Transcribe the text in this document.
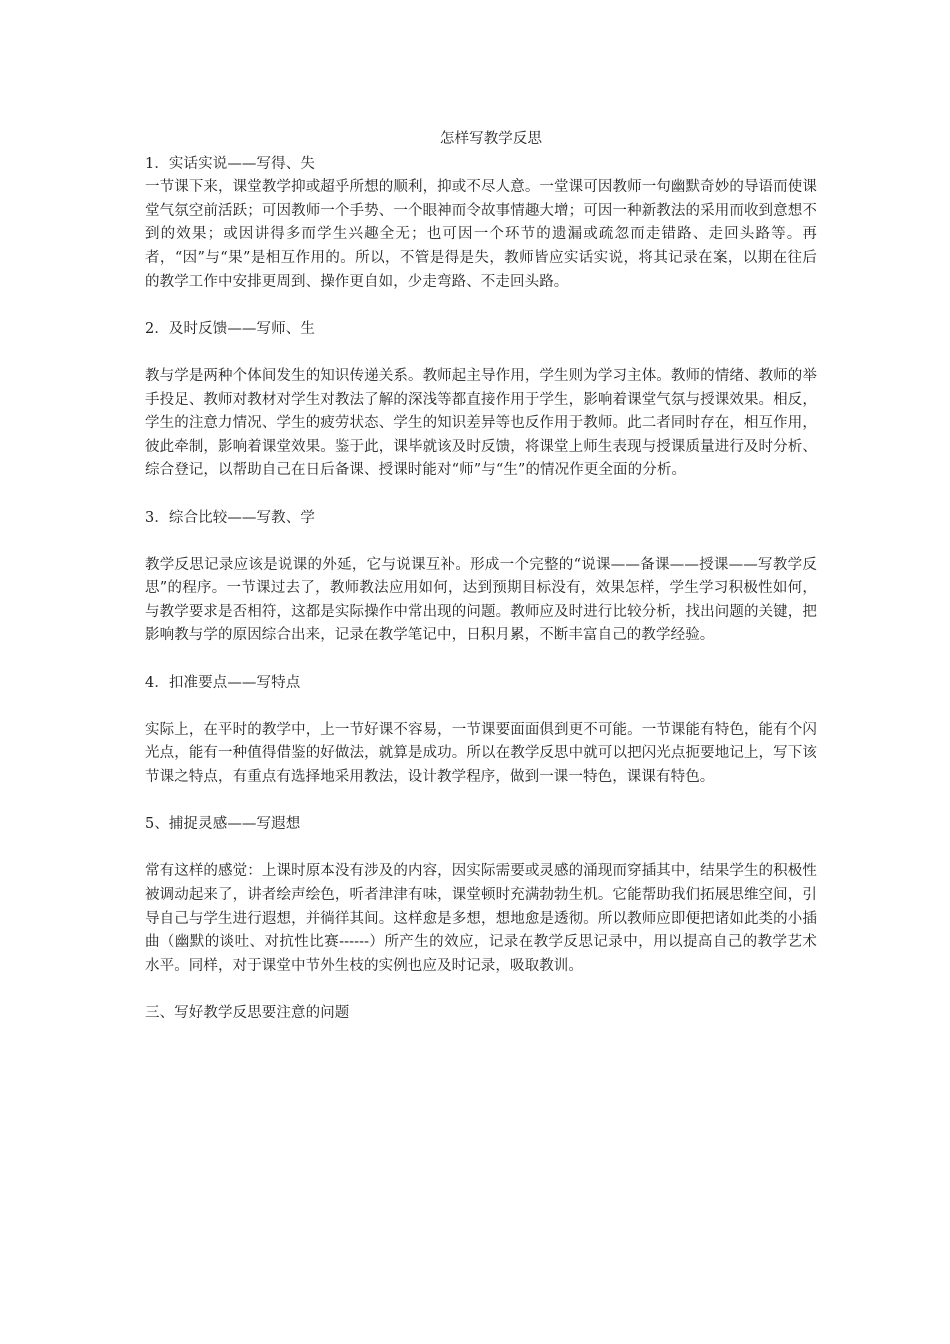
怎样写教学反思

1．实话实说——写得、失

一节课下来，课堂教学抑或超乎所想的顺利，抑或不尽人意。一堂课可因教师一句幽默奇妙的导语而使课堂气氛空前活跃；可因教师一个手势、一个眼神而令故事情趣大增；可因一种新教法的采用而收到意想不到的效果；或因讲得多而学生兴趣全无；也可因一个环节的遗漏或疏忽而走错路、走回头路等。再者，“因”与“果”是相互作用的。所以，不管是得是失，教师皆应实话实说，将其记录在案，以期在往后的教学工作中安排更周到、操作更自如，少走弯路、不走回头路。

2．及时反馈——写师、生

教与学是两种个体间发生的知识传递关系。教师起主导作用，学生则为学习主体。教师的情绪、教师的举手投足、教师对教材对学生对教法了解的深浅等都直接作用于学生，影响着课堂气氛与授课效果。相反，学生的注意力情况、学生的疲劳状态、学生的知识差异等也反作用于教师。此二者同时存在，相互作用，彼此牵制，影响着课堂效果。鉴于此，课毕就该及时反馈，将课堂上师生表现与授课质量进行及时分析、综合登记，以帮助自己在日后备课、授课时能对“师”与“生”的情况作更全面的分析。

3．综合比较——写教、学

教学反思记录应该是说课的外延，它与说课互补。形成一个完整的“说课——备课——授课——写教学反思”的程序。一节课过去了，教师教法应用如何，达到预期目标没有，效果怎样，学生学习积极性如何，与教学要求是否相符，这都是实际操作中常出现的问题。教师应及时进行比较分析，找出问题的关键，把影响教与学的原因综合出来，记录在教学笔记中，日积月累，不断丰富自己的教学经验。

4．扣准要点——写特点

实际上，在平时的教学中，上一节好课不容易，一节课要面面俱到更不可能。一节课能有特色，能有个闪光点，能有一种值得借鉴的好做法，就算是成功。所以在教学反思中就可以把闪光点扼要地记上，写下该节课之特点，有重点有选择地采用教法，设计教学程序，做到一课一特色，课课有特色。

5、捕捉灵感——写遐想

常有这样的感觉：上课时原本没有涉及的内容，因实际需要或灵感的涌现而穿插其中，结果学生的积极性被调动起来了，讲者绘声绘色，听者津津有味，课堂顿时充满勃勃生机。它能帮助我们拓展思维空间，引导自己与学生进行遐想，并徜徉其间。这样愈是多想，想地愈是透彻。所以教师应即便把诸如此类的小插曲（幽默的谈吐、对抗性比赛------）所产生的效应，记录在教学反思记录中，用以提高自己的教学艺术水平。同样，对于课堂中节外生枝的实例也应及时记录，吸取教训。

三、写好教学反思要注意的问题
